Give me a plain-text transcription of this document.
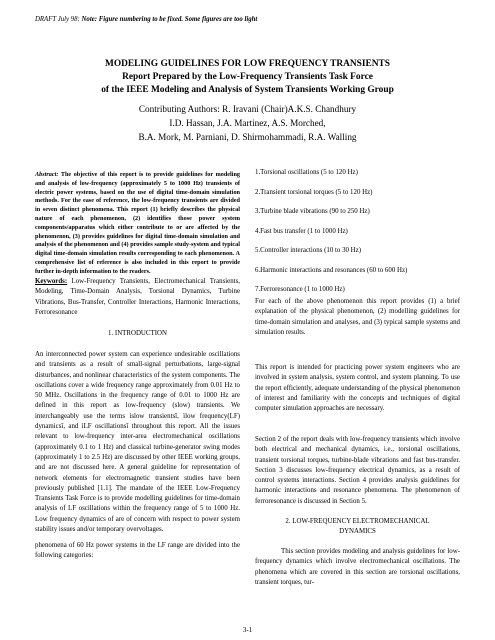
DRAFT July 98: Note: Figure numbering to be fixed. Some figures are too light
MODELING GUIDELINES FOR LOW FREQUENCY TRANSIENTS
Report Prepared by the Low-Frequency Transients Task Force
of the IEEE Modeling and Analysis of System Transients Working Group
Contributing Authors: R. Iravani (Chair)A.K.S. Chandhury
I.D. Hassan, J.A. Martinez, A.S. Morched,
B.A. Mork, M. Parniani, D. Shirmohammadi, R.A. Walling
Abstract: The objective of this report is to provide guidelines for modeling and analysis of low-frequency (approximately 5 to 1000 Hz) transients of electric power systems, based on the use of digital time-domain simulation methods. For the ease of reference, the low-frequency transients are divided in seven distinct phenomena. This report (1) briefly describes the physical nature of each phenomenon, (2) identifies those power system components/apparatus which either contribute to or are affected by the phenomenon, (3) provides guidelines for digital time-domain simulation and analysis of the phenomenon and (4) provides sample study-system and typical digital time-domain simulation results corresponding to each phenomenon. A comprehensive list of reference is also included in this report to provide further in-depth information to the readers.
Keywords: Low-Frequency Transients, Electromechanical Transients, Modeling, Time-Domain Analysis, Torsional Dynamics, Turbine Vibrations, Bus-Transfer, Controller Interactions, Harmonic Interactions, Ferroresonance
1. INTRODUCTION
An interconnected power system can experience undesirable oscillations and transients as a result of small-signal perturbations, large-signal disturbances, and nonlinear characteristics of the system components. The oscillations cover a wide frequency range approximately from 0.01 Hz to 50 MHz. Oscillations in the frequency range of 0.01 to 1000 Hz are defined in this report as low-frequency (slow) transients. We interchangeably use the terms ìslow transientsî, ìlow frequency(LF) dynamicsî, and ìLF oscillationsî throughout this report. All the issues relevant to low-frequency inter-area electromechanical oscillations (approximately 0.1 to 1 Hz) and classical turbine-generator swing modes (approximately 1 to 2.5 Hz) are discussed by other IEEE working groups, and are not discussed here. A general guideline for representation of network elements for electromagnetic transient studies have been previously published [1.1]. The mandate of the IEEE Low-Frequency Transients Task Force is to provide modelling guidelines for time-domain analysis of LF oscillations within the frequency range of 5 to 1000 Hz. Low frequency dynamics of are of concern with respect to power system stability issues and/or temporary overvoltages.
phenomena of 60 Hz power systems in the LF range are divided into the following categories:
1.Torsional oscillations (5 to 120 Hz)
2.Transient torsional torques (5 to 120 Hz)
3.Turbine blade vibrations (90 to 250 Hz)
4.Fast bus transfer (1 to 1000 Hz)
5.Controller interactions (10 to 30 Hz)
6.Harmonic interactions and resonances (60 to 600 Hz)
7.Ferroresonance (1 to 1000 Hz)
For each of the above phenomenon this report provides (1) a brief explanation of the physical phenomenon, (2) modelling guidelines for time-domain simulation and analyses, and (3) typical sample systems and simulation results.
This report is intended for practicing power system engineers who are involved in system analysis, system control, and system planning. To use the report efficiently, adequate understanding of the physical phenomenon of interest and familiarity with the concepts and techniques of digital computer simulation approaches are necessary.
Section 2 of the report deals with low-frequency transients which involve both electrical and mechanical dynamics, i.e., torsional oscillations, transient torsional torques, turbine-blade vibrations and fast bus-transfer. Section 3 discusses low-frequency electrical dynamics, as a result of control systems interactions. Section 4 provides analysis guidelines for harmonic interactions and resonance phenomena. The phenomenon of ferroresonance is discussed in Section 5.
2. LOW-FREQUENCY ELECTROMECHANICAL
DYNAMICS
This section provides modeling and analysis guidelines for low-frequency dynamics which involve electromechanical oscillations. The phenomena which are covered in this section are torsional oscillations, transient torques, tur-
3-1
